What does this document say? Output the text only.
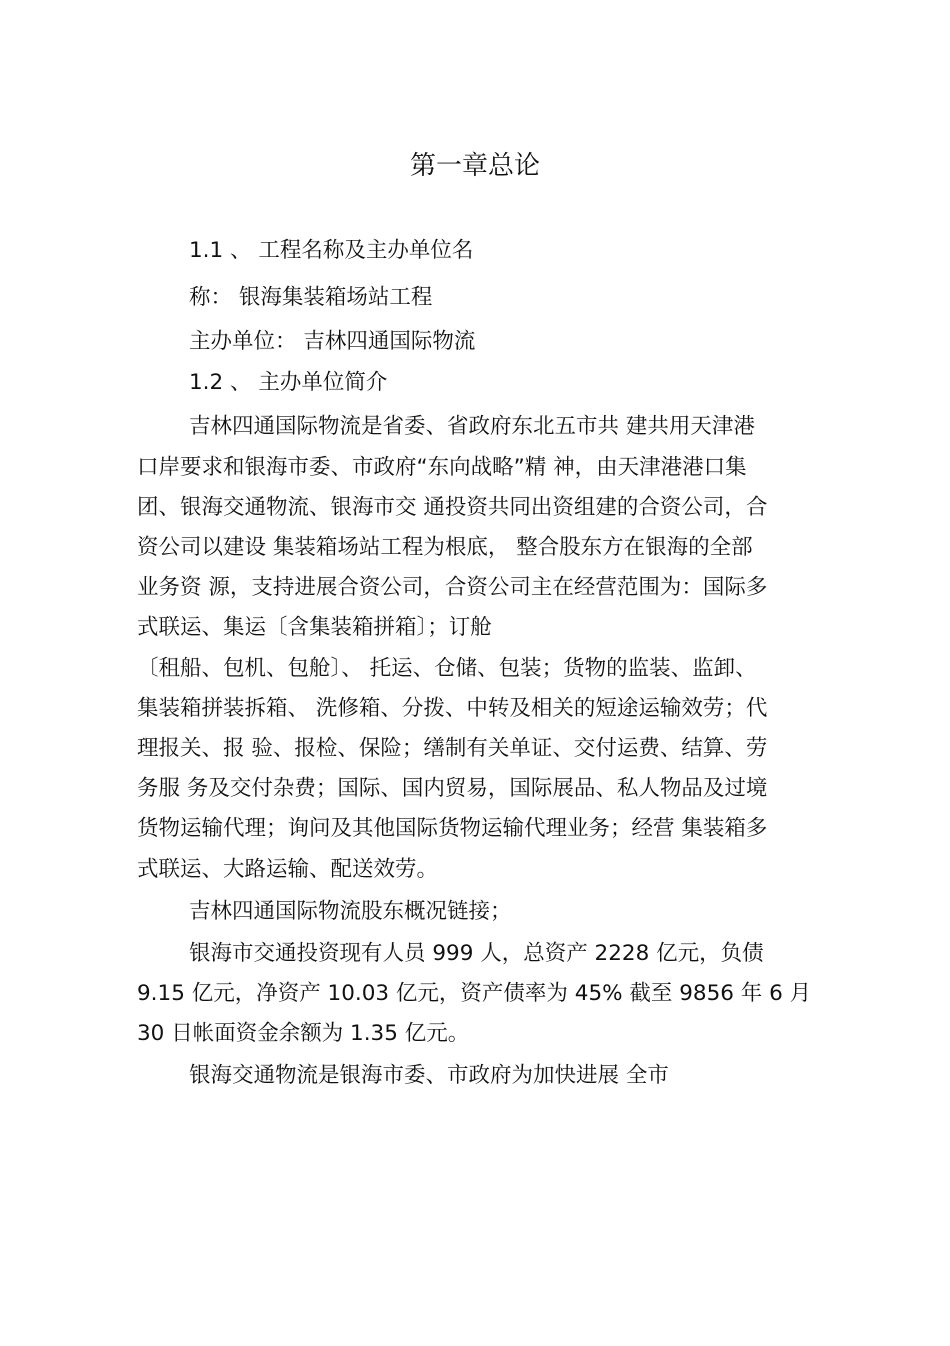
第一章总论
1.1 、 工程名称及主办单位名
称： 银海集装箱场站工程
主办单位： 吉林四通国际物流
1.2 、 主办单位简介
吉林四通国际物流是省委、省政府东北五市共 建共用天津港
口岸要求和银海市委、市政府“东向战略”精 神，由天津港港口集
团、银海交通物流、银海市交 通投资共同出资组建的合资公司，合
资公司以建设 集装箱场站工程为根底， 整合股东方在银海的全部
业务资 源，支持进展合资公司，合资公司主在经营范围为：国际多
式联运、集运〔含集装箱拼箱〕；订舱
〔租船、包机、包舱〕、 托运、仓储、包装；货物的监装、监卸、
集装箱拼装拆箱、 洗修箱、分拨、中转及相关的短途运输效劳；代
理报关、报 验、报检、保险；缮制有关单证、交付运费、结算、劳
务服 务及交付杂费；国际、国内贸易，国际展品、私人物品及过境
货物运输代理；询问及其他国际货物运输代理业务；经营 集装箱多
式联运、大路运输、配送效劳。
吉林四通国际物流股东概况链接；
银海市交通投资现有人员 999 人，总资产 2228 亿元，负债
9.15 亿元，净资产 10.03 亿元，资产债率为 45% 截至 9856 年 6 月
30 日帐面资金余额为 1.35 亿元。
银海交通物流是银海市委、市政府为加快进展 全市
